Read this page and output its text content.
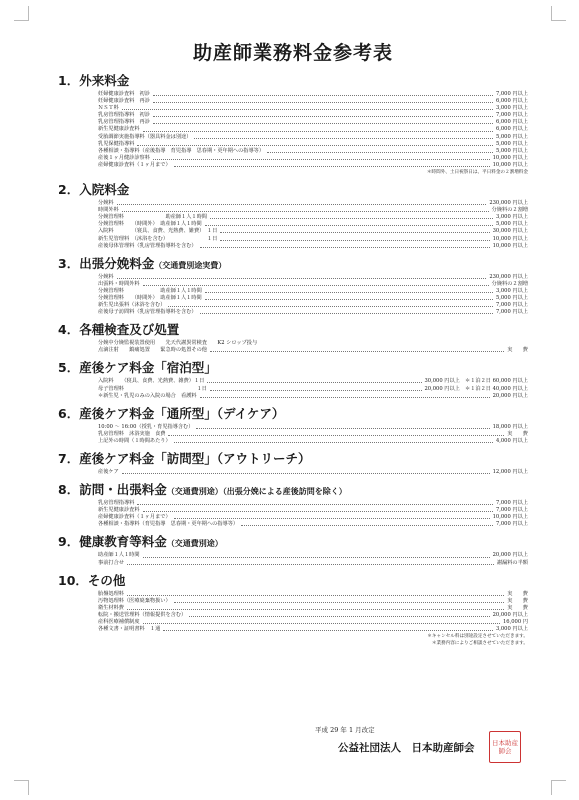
助産師業務料金参考表
1．外来料金
妊婦健康診査料　初診	7,000 円以上
妊婦健康診査料　再診	6,000 円以上
ＮＳＴ料	3,000 円以上
乳房管理指導料　初診	7,000 円以上
乳房管理指導料　再診	6,000 円以上
新生児健康診査料	6,000 円以上
受胎調節実施指導料（器具料金は別途）	5,000 円以上
乳児保健指導料	5,000 円以上
各種相談・指導料（産後指導　育児指導　思春期・更年期への指導等）	5,000 円以上
産後１ヶ月健診診察料	10,000 円以上
産婦健康診査料（１ヶ月まで）	10,000 円以上
＊時間外、土日祝祭日は、平日料金の２割増料金
2．入院料金
分娩料	230,000 円以上
時間外料	分娩料の２割増
分娩管理料　　　　　　　　助産師１人１時間	3,000 円以上
分娩管理料　　（時間外）　助産師１人１時間	5,000 円以上
入院料　　　　（寝具、食費、光熱費、雑費）　１日	30,000 円以上
新生児管理料　（沐浴を含む）　　　　　　　　１日	10,000 円以上
産後母体管理料（乳房管理指導料を含む）	10,000 円以上
3．出張分娩料金（交通費別途実費）
分娩料	230,000 円以上
出張料・時間外料	分娩料の２割増
分娩管理料　　　　　　　助産師１人１時間	3,000 円以上
分娩管理料　　（時間外）　助産師１人１時間	5,000 円以上
新生児出張料（沐浴を含む）	7,000 円以上
産後母子訪問料（乳房管理指導料を含む）	7,000 円以上
4．各種検査及び処置
分娩中分娩監視装置使用　　先天代謝異常検査　　K2 シロップ投与
点滴注射　　鎮痛処置　　緊急時の処置その他	実　　費
5．産後ケア料金「宿泊型」
入院料　　（寝具、食費、光熱費、雑費）１日	30,000 円以上　＊１泊２日 60,000 円以上
母子管理料　　　　　　　　　　　　　　１日	20,000 円以上　＊１泊２日 40,000 円以上
＊新生児・乳児のみの入院の場合　看護料	20,000 円以上
6．産後ケア料金「通所型」（デイケア）
10:00 ～ 16:00（授乳・育児指導含む）	18,000 円以上
乳房管理料　沐浴実施　食費	実　　費
上記外の時間（１時間あたり）	4,000 円以上
7．産後ケア料金「訪問型」（アウトリーチ）
産後ケア	12,000 円以上
8．訪問・出張料金（交通費別途）（出張分娩による産後訪問を除く）
乳房管理指導料	7,000 円以上
新生児健康診査料	7,000 円以上
産婦健康診査料（１ヶ月まで）	10,000 円以上
各種相談・指導料（育児指導　思春期・更年期への指導等）	7,000 円以上
9．健康教育等料金（交通費別途）
助産師１人１時間	20,000 円以上
事前打合せ	謝漏料の半額
10．その他
胎盤処理料	実　　費
汚物処理料（医療廃棄物扱い）	実　　費
衛生材料費	実　　費
転院・搬送管理料（情報提供を含む）	20,000 円以上
産科医療補償制度	16,000 円
各種文書・証明書料　１通	3,000 円以上
＊キャンセル料は別途設定させていただきます。
＊業務内容によりご相談させていただきます。
平成 29 年 1 月改定
公益社団法人　日本助産師会	日本助産師会
